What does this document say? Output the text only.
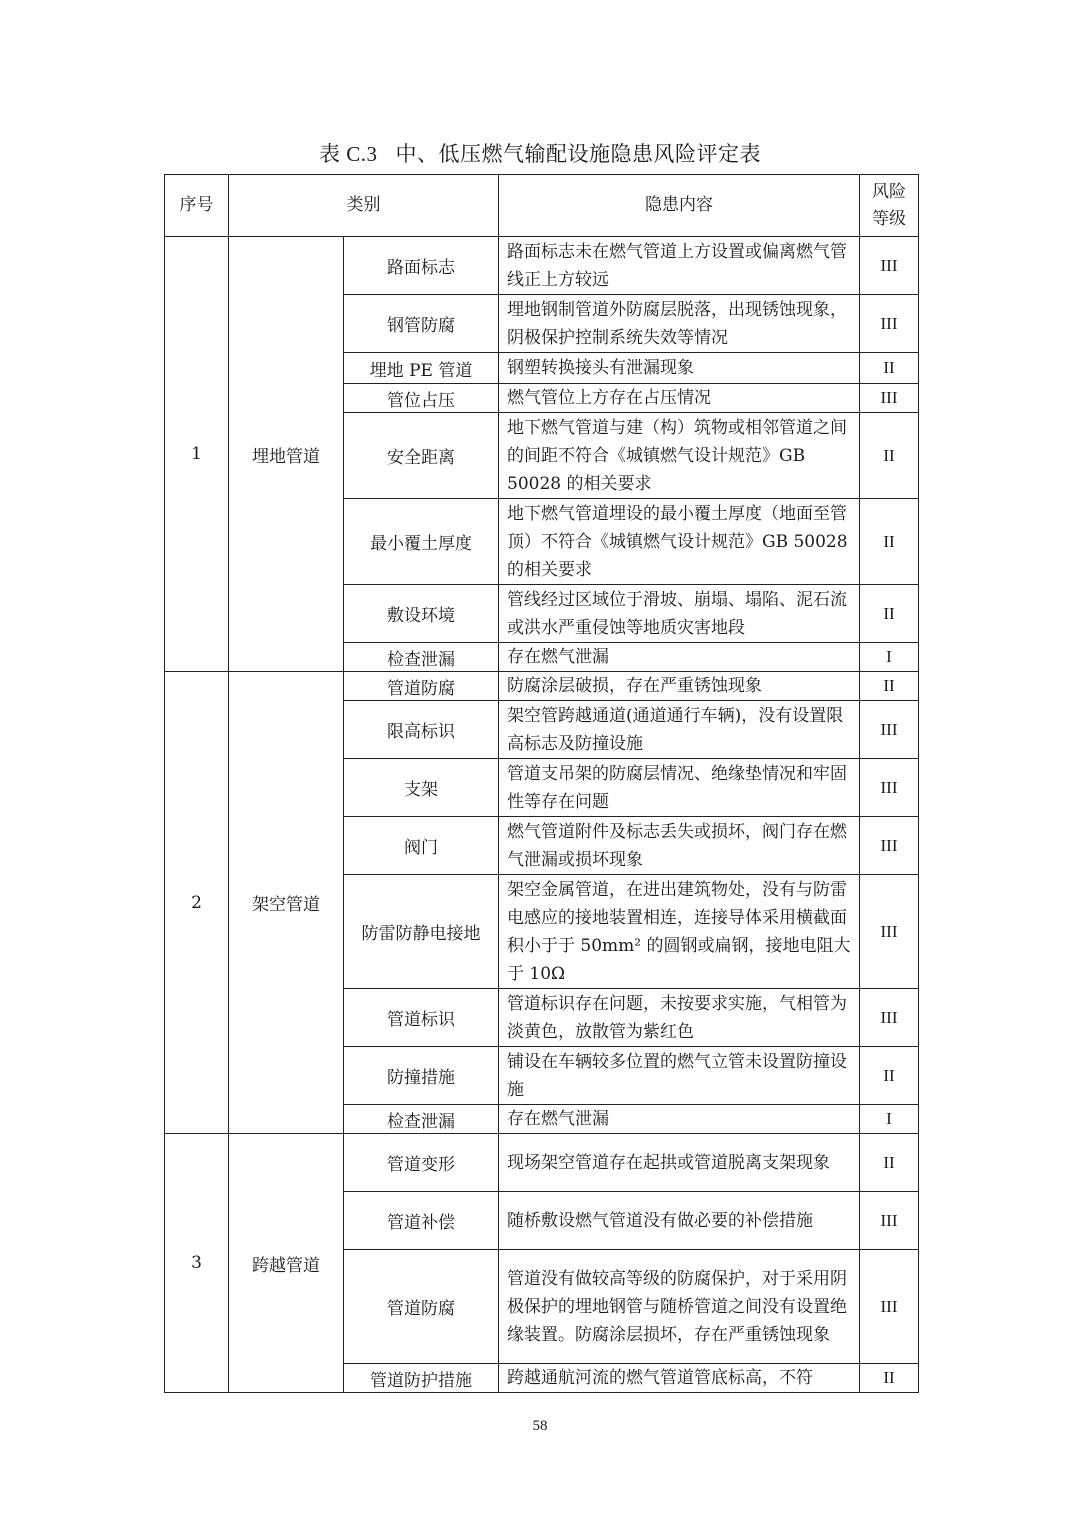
表 C.3 中、低压燃气输配设施隐患风险评定表
序号	类别		隐患内容	风险等级
1	埋地管道	路面标志	路面标志未在燃气管道上方设置或偏离燃气管线正上方较远	III
		钢管防腐	埋地钢制管道外防腐层脱落，出现锈蚀现象，阴极保护控制系统失效等情况	III
		埋地 PE 管道	钢塑转换接头有泄漏现象	II
		管位占压	燃气管位上方存在占压情况	III
		安全距离	地下燃气管道与建（构）筑物或相邻管道之间的间距不符合《城镇燃气设计规范》GB 50028 的相关要求	II
		最小覆土厚度	地下燃气管道埋设的最小覆土厚度（地面至管顶）不符合《城镇燃气设计规范》GB 50028 的相关要求	II
		敷设环境	管线经过区域位于滑坡、崩塌、塌陷、泥石流或洪水严重侵蚀等地质灾害地段	II
		检查泄漏	存在燃气泄漏	I
2	架空管道	管道防腐	防腐涂层破损，存在严重锈蚀现象	II
		限高标识	架空管跨越通道(通道通行车辆)，没有设置限高标志及防撞设施	III
		支架	管道支吊架的防腐层情况、绝缘垫情况和牢固性等存在问题	III
		阀门	燃气管道附件及标志丢失或损坏，阀门存在燃气泄漏或损坏现象	III
		防雷防静电接地	架空金属管道，在进出建筑物处，没有与防雷电感应的接地装置相连，连接导体采用横截面积小于于 50mm² 的圆钢或扁钢，接地电阻大于 10Ω	III
		管道标识	管道标识存在问题，未按要求实施，气相管为淡黄色，放散管为紫红色	III
		防撞措施	铺设在车辆较多位置的燃气立管未设置防撞设施	II
		检查泄漏	存在燃气泄漏	I
3	跨越管道	管道变形	现场架空管道存在起拱或管道脱离支架现象	II
		管道补偿	随桥敷设燃气管道没有做必要的补偿措施	III
		管道防腐	管道没有做较高等级的防腐保护，对于采用阴极保护的埋地钢管与随桥管道之间没有设置绝缘装置。防腐涂层损坏，存在严重锈蚀现象	III
		管道防护措施	跨越通航河流的燃气管道管底标高，不符	II
58
